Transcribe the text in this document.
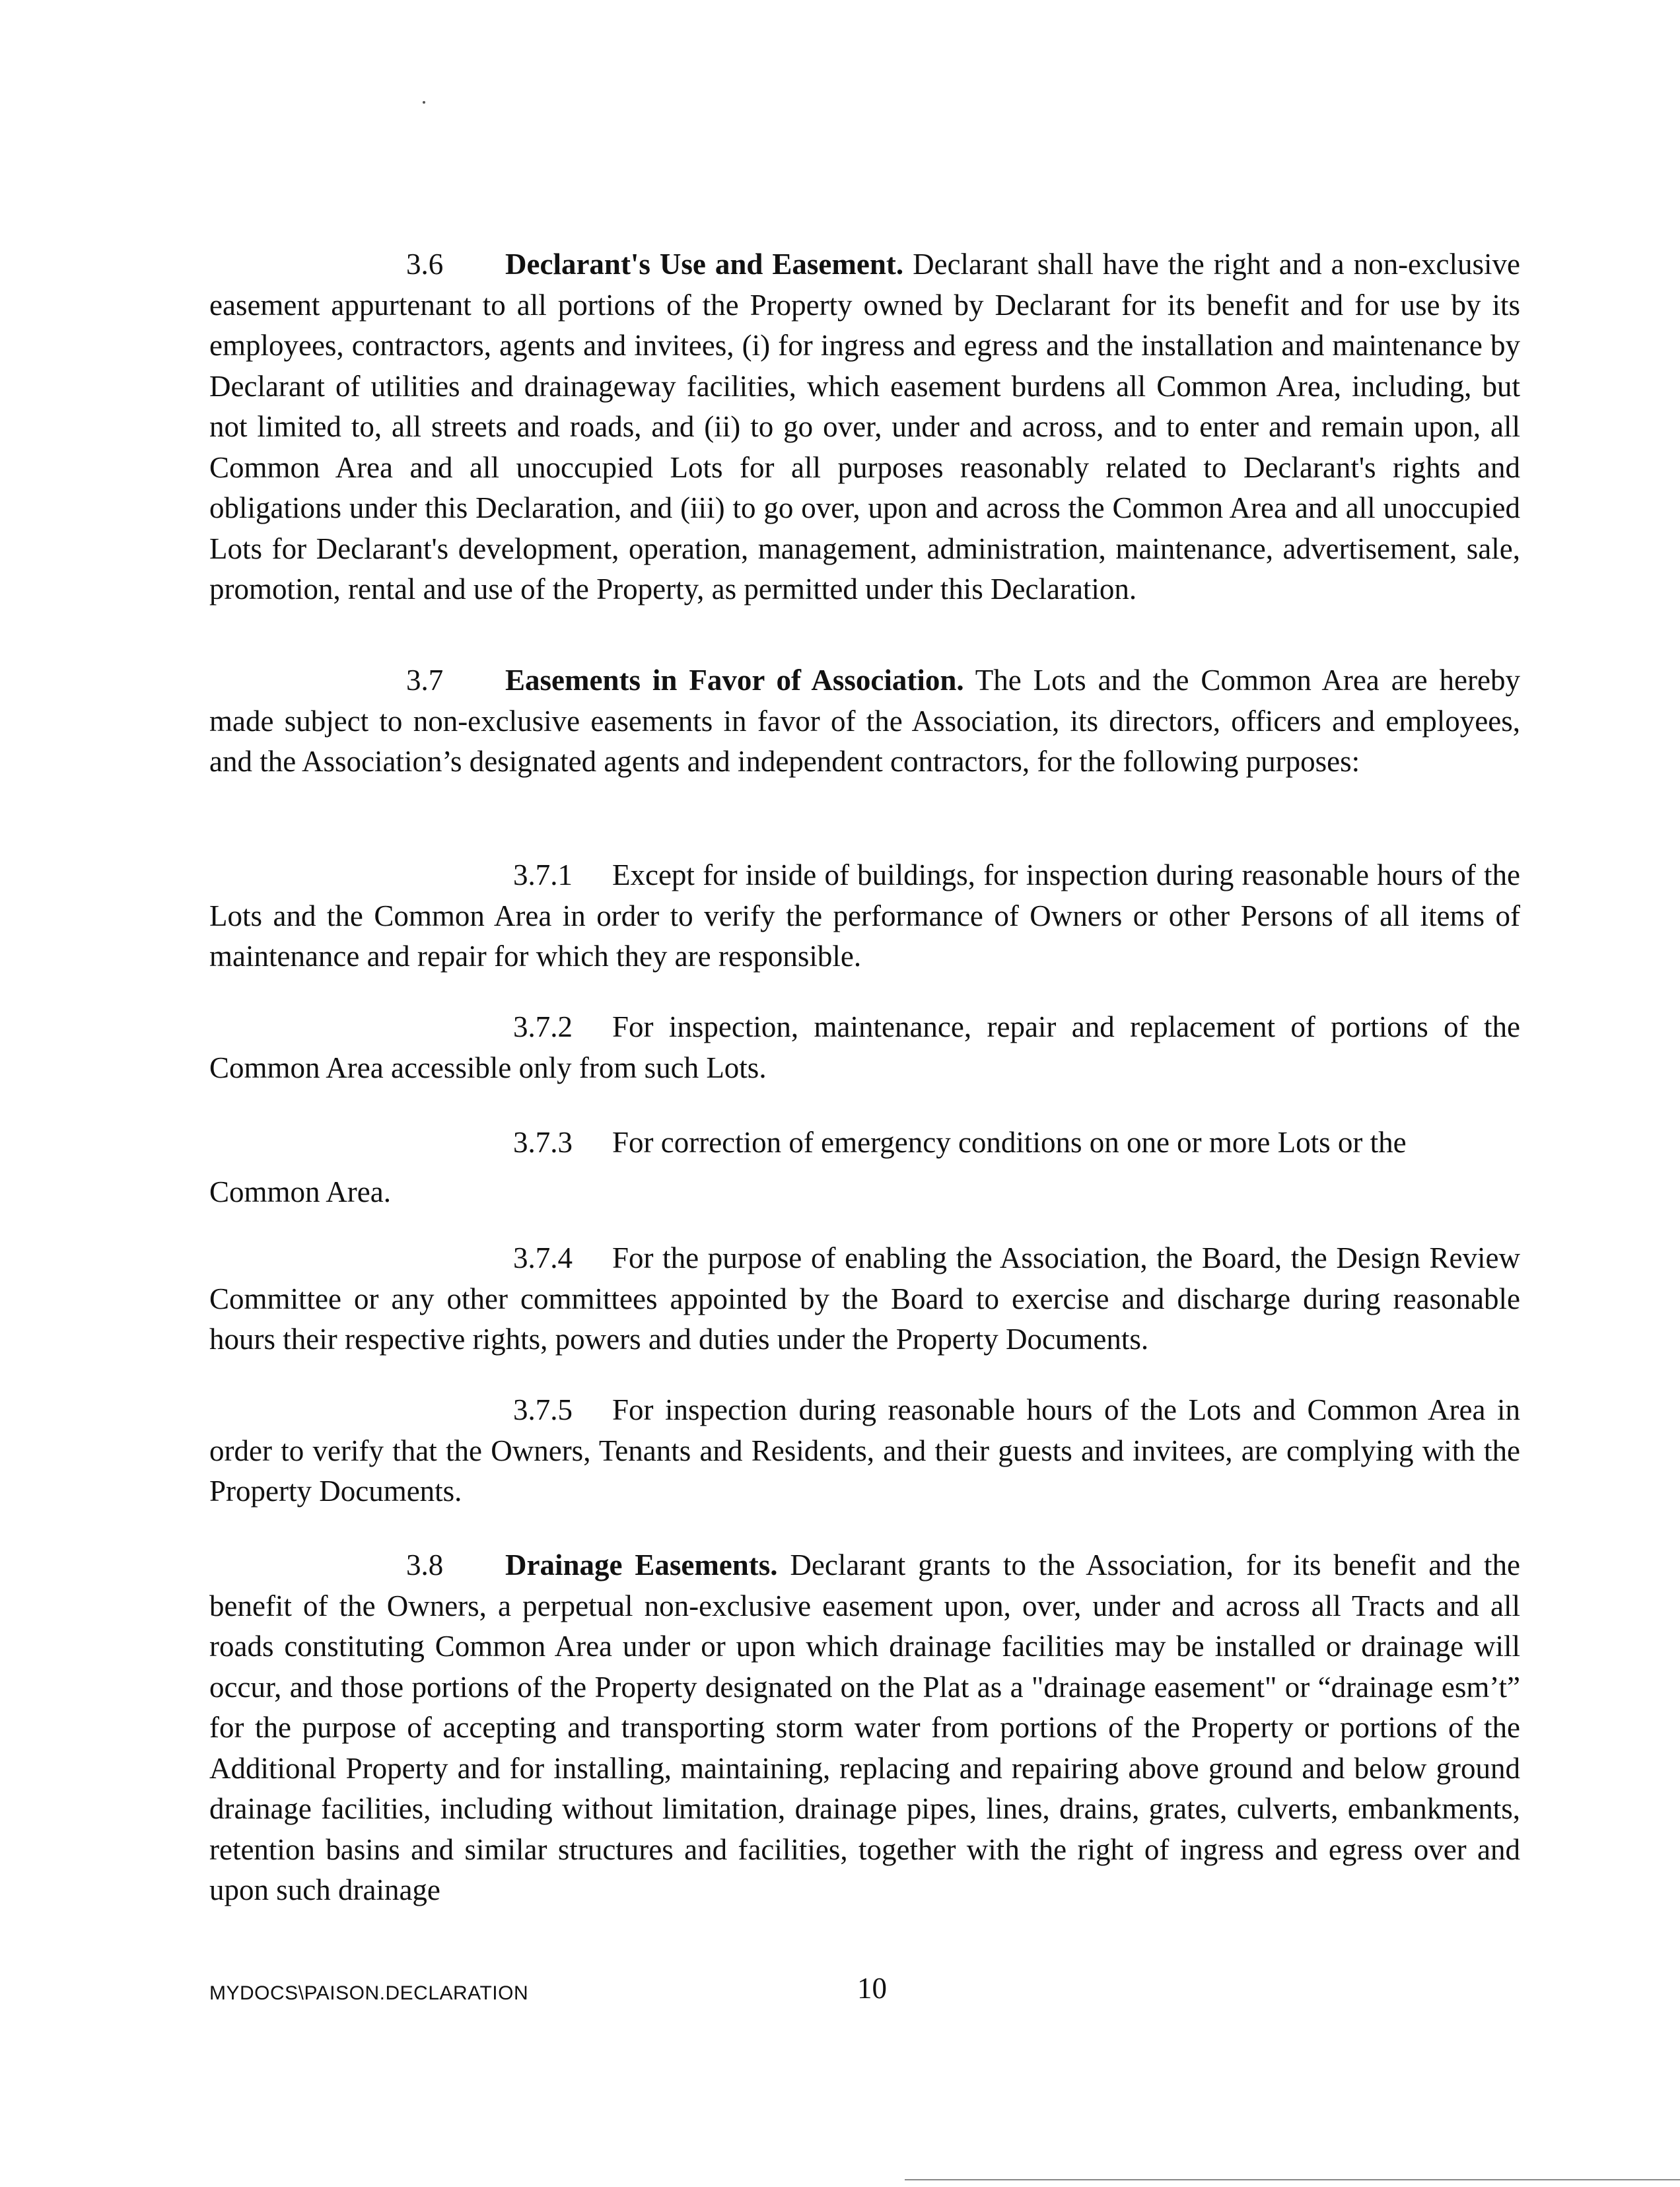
3.6 Declarant's Use and Easement. Declarant shall have the right and a non-exclusive easement appurtenant to all portions of the Property owned by Declarant for its benefit and for use by its employees, contractors, agents and invitees, (i) for ingress and egress and the installation and maintenance by Declarant of utilities and drainageway facilities, which easement burdens all Common Area, including, but not limited to, all streets and roads, and (ii) to go over, under and across, and to enter and remain upon, all Common Area and all unoccupied Lots for all purposes reasonably related to Declarant's rights and obligations under this Declaration, and (iii) to go over, upon and across the Common Area and all unoccupied Lots for Declarant's development, operation, management, administration, maintenance, advertisement, sale, promotion, rental and use of the Property, as permitted under this Declaration.
3.7 Easements in Favor of Association. The Lots and the Common Area are hereby made subject to non-exclusive easements in favor of the Association, its directors, officers and employees, and the Association’s designated agents and independent contractors, for the following purposes:
3.7.1 Except for inside of buildings, for inspection during reasonable hours of the Lots and the Common Area in order to verify the performance of Owners or other Persons of all items of maintenance and repair for which they are responsible.
3.7.2 For inspection, maintenance, repair and replacement of portions of the Common Area accessible only from such Lots.
3.7.3 For correction of emergency conditions on one or more Lots or the
Common Area.
3.7.4 For the purpose of enabling the Association, the Board, the Design Review Committee or any other committees appointed by the Board to exercise and discharge during reasonable hours their respective rights, powers and duties under the Property Documents.
3.7.5 For inspection during reasonable hours of the Lots and Common Area in order to verify that the Owners, Tenants and Residents, and their guests and invitees, are complying with the Property Documents.
3.8 Drainage Easements. Declarant grants to the Association, for its benefit and the benefit of the Owners, a perpetual non-exclusive easement upon, over, under and across all Tracts and all roads constituting Common Area under or upon which drainage facilities may be installed or drainage will occur, and those portions of the Property designated on the Plat as a "drainage easement" or “drainage esm’t” for the purpose of accepting and transporting storm water from portions of the Property or portions of the Additional Property and for installing, maintaining, replacing and repairing above ground and below ground drainage facilities, including without limitation, drainage pipes, lines, drains, grates, culverts, embankments, retention basins and similar structures and facilities, together with the right of ingress and egress over and upon such drainage
MYDOCS\PAISON.DECLARATION	10
